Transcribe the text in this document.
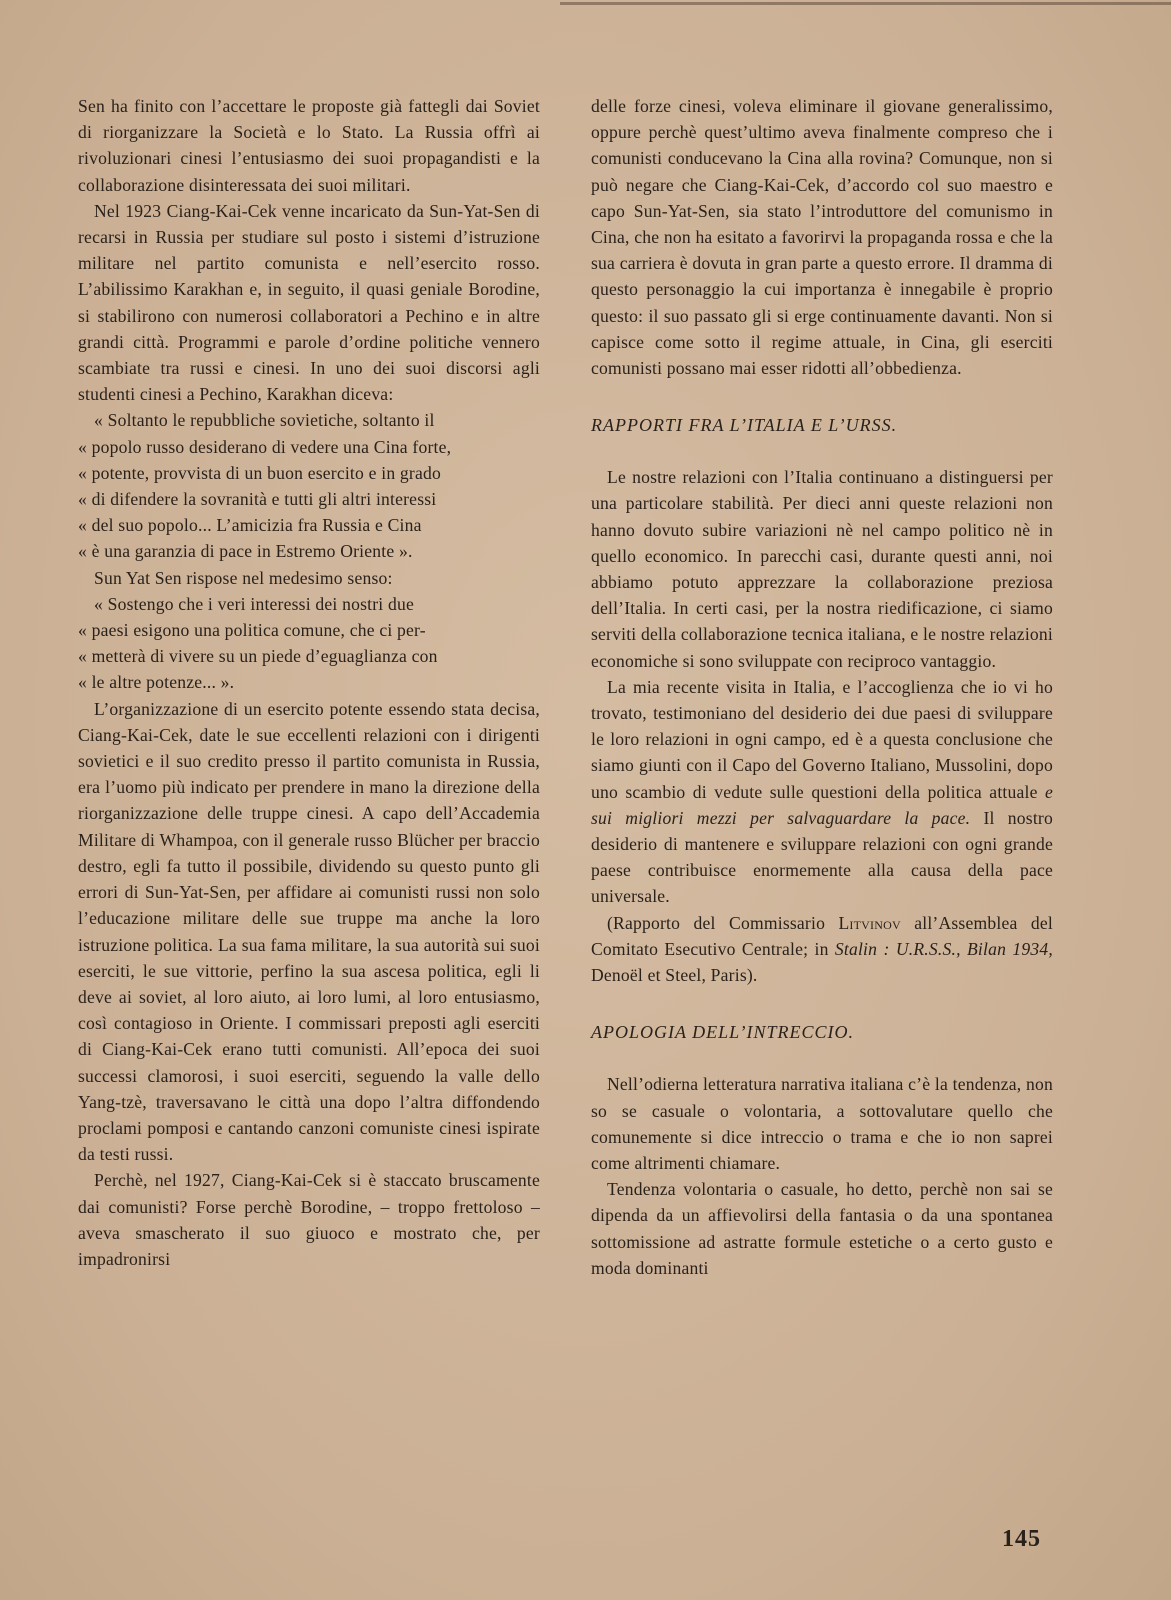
Sen ha finito con l’accettare le proposte già fattegli dai Soviet di riorganizzare la Società e lo Stato. La Russia offrì ai rivoluzionari cinesi l’entusiasmo dei suoi propagandisti e la collaborazione disinteressata dei suoi militari.

Nel 1923 Ciang-Kai-Cek venne incaricato da Sun-Yat-Sen di recarsi in Russia per studiare sul posto i sistemi d’istruzione militare nel partito comunista e nell’esercito rosso. L’abilissimo Karakhan e, in seguito, il quasi geniale Borodine, si stabilirono con numerosi collaboratori a Pechino e in altre grandi città. Programmi e parole d’ordine politiche vennero scambiate tra russi e cinesi. In uno dei suoi discorsi agli studenti cinesi a Pechino, Karakhan diceva:

« Soltanto le repubbliche sovietiche, soltanto il

« popolo russo desiderano di vedere una Cina forte,

« potente, provvista di un buon esercito e in grado

« di difendere la sovranità e tutti gli altri interessi

« del suo popolo... L’amicizia fra Russia e Cina

« è una garanzia di pace in Estremo Oriente ».

Sun Yat Sen rispose nel medesimo senso:

« Sostengo che i veri interessi dei nostri due

« paesi esigono una politica comune, che ci per-

« metterà di vivere su un piede d’eguaglianza con

« le altre potenze... ».

L’organizzazione di un esercito potente essendo stata decisa, Ciang-Kai-Cek, date le sue eccellenti relazioni con i dirigenti sovietici e il suo credito presso il partito comunista in Russia, era l’uomo più indicato per prendere in mano la direzione della riorganizzazione delle truppe cinesi. A capo dell’Accademia Militare di Whampoa, con il generale russo Blücher per braccio destro, egli fa tutto il possibile, dividendo su questo punto gli errori di Sun-Yat-Sen, per affidare ai comunisti russi non solo l’educazione militare delle sue truppe ma anche la loro istruzione politica. La sua fama militare, la sua autorità sui suoi eserciti, le sue vittorie, perfino la sua ascesa politica, egli li deve ai soviet, al loro aiuto, ai loro lumi, al loro entusiasmo, così contagioso in Oriente. I commissari preposti agli eserciti di Ciang-Kai-Cek erano tutti comunisti. All’epoca dei suoi successi clamorosi, i suoi eserciti, seguendo la valle dello Yang-tzè, traversavano le città una dopo l’altra diffondendo proclami pomposi e cantando canzoni comuniste cinesi ispirate da testi russi.

Perchè, nel 1927, Ciang-Kai-Cek si è staccato bruscamente dai comunisti? Forse perchè Borodine, – troppo frettoloso – aveva smascherato il suo giuoco e mostrato che, per impadronirsi

delle forze cinesi, voleva eliminare il giovane generalissimo, oppure perchè quest’ultimo aveva finalmente compreso che i comunisti conducevano la Cina alla rovina? Comunque, non si può negare che Ciang-Kai-Cek, d’accordo col suo maestro e capo Sun-Yat-Sen, sia stato l’introduttore del comunismo in Cina, che non ha esitato a favorirvi la propaganda rossa e che la sua carriera è dovuta in gran parte a questo errore. Il dramma di questo personaggio la cui importanza è innegabile è proprio questo: il suo passato gli si erge continuamente davanti. Non si capisce come sotto il regime attuale, in Cina, gli eserciti comunisti possano mai esser ridotti all’obbedienza.

RAPPORTI FRA L’ITALIA E L’URSS.

Le nostre relazioni con l’Italia continuano a distinguersi per una particolare stabilità. Per dieci anni queste relazioni non hanno dovuto subire variazioni nè nel campo politico nè in quello economico. In parecchi casi, durante questi anni, noi abbiamo potuto apprezzare la collaborazione preziosa dell’Italia. In certi casi, per la nostra riedificazione, ci siamo serviti della collaborazione tecnica italiana, e le nostre relazioni economiche si sono sviluppate con reciproco vantaggio.

La mia recente visita in Italia, e l’accoglienza che io vi ho trovato, testimoniano del desiderio dei due paesi di sviluppare le loro relazioni in ogni campo, ed è a questa conclusione che siamo giunti con il Capo del Governo Italiano, Mussolini, dopo uno scambio di vedute sulle questioni della politica attuale e sui migliori mezzi per salvaguardare la pace. Il nostro desiderio di mantenere e sviluppare relazioni con ogni grande paese contribuisce enormemente alla causa della pace universale.

(Rapporto del Commissario Litvinov all’Assemblea del Comitato Esecutivo Centrale; in Stalin : U.R.S.S., Bilan 1934, Denoël et Steel, Paris).

APOLOGIA DELL’INTRECCIO.

Nell’odierna letteratura narrativa italiana c’è la tendenza, non so se casuale o volontaria, a sottovalutare quello che comunemente si dice intreccio o trama e che io non saprei come altrimenti chiamare.

Tendenza volontaria o casuale, ho detto, perchè non sai se dipenda da un affievolirsi della fantasia o da una spontanea sottomissione ad astratte formule estetiche o a certo gusto e moda dominanti

145
